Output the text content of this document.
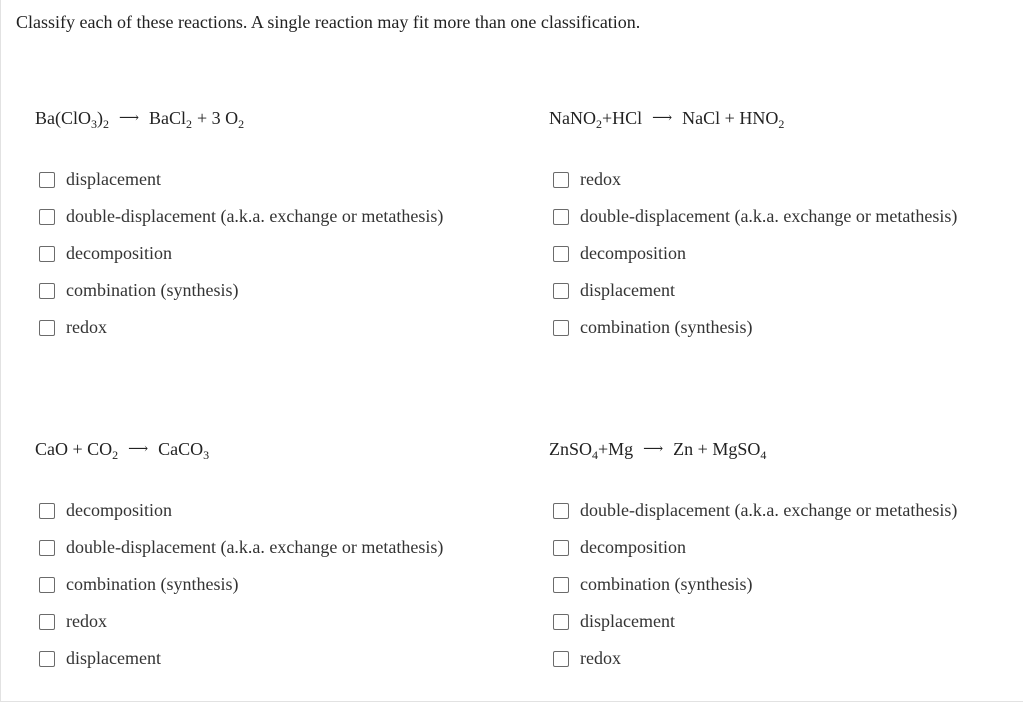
Classify each of these reactions. A single reaction may fit more than one classification.
Ba(ClO$_3$ )$_2$ ⟶ BaCl$_2$ + 3 $O_2$
displacement
double-displacement (a.k.a. exchange or metathesis)
decomposition
combination (synthesis)
redox
NaNO$_2$ +HCl ⟶ NaCl + $HNO_2$
redox
double-displacement (a.k.a. exchange or metathesis)
decomposition
displacement
combination (synthesis)
CaO + $CO_2$ ⟶ CaCO$_3$
decomposition
double-displacement (a.k.a. exchange or metathesis)
combination (synthesis)
redox
displacement
ZnSO$_4$ +Mg ⟶ Zn + MgSO$_4$
double-displacement (a.k.a. exchange or metathesis)
decomposition
combination (synthesis)
displacement
redox
